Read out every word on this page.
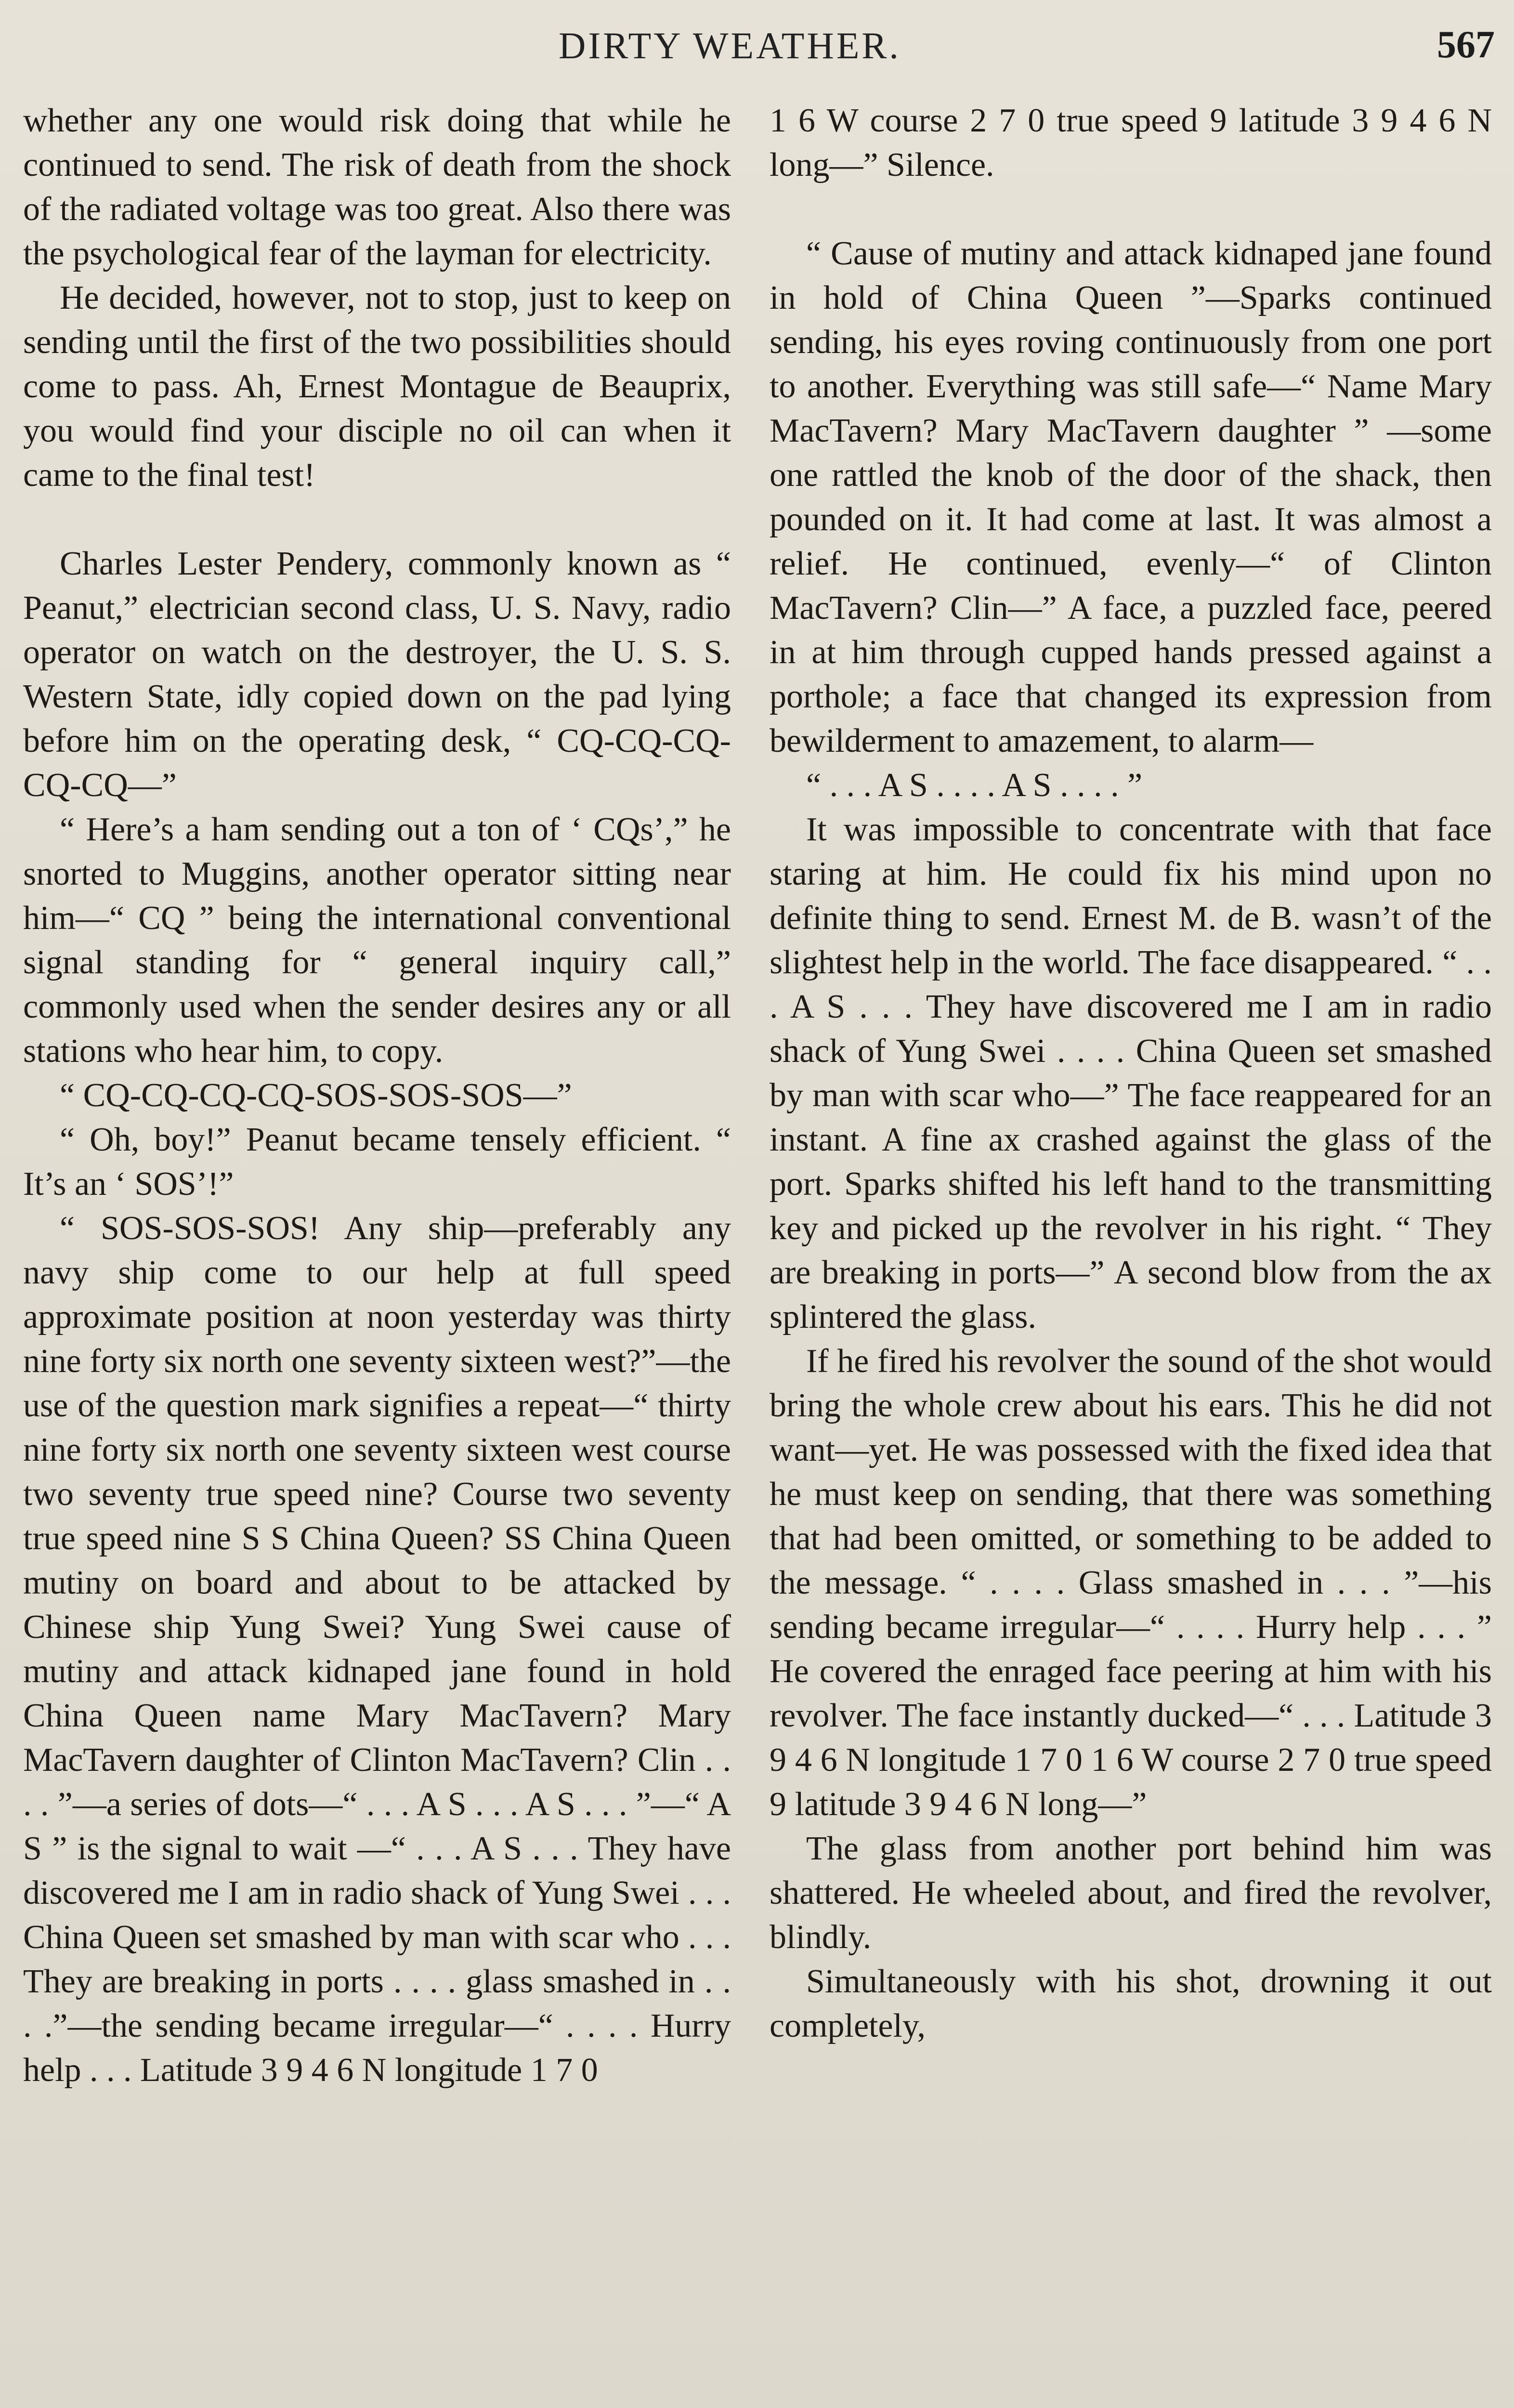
DIRTY WEATHER.	567

whether any one would risk doing that while he continued to send. The risk of death from the shock of the radiated voltage was too great. Also there was the psychological fear of the layman for electricity.

He decided, however, not to stop, just to keep on sending until the first of the two possibilities should come to pass. Ah, Ernest Montague de Beauprix, you would find your disciple no oil can when it came to the final test!

Charles Lester Pendery, commonly known as “ Peanut,” electrician second class, U. S. Navy, radio operator on watch on the destroyer, the U. S. S. Western State, idly copied down on the pad lying before him on the operating desk, “ CQ-CQ-CQ-CQ-CQ—”

“ Here’s a ham sending out a ton of ‘ CQs’,” he snorted to Muggins, another operator sitting near him—“ CQ ” being the international conventional signal standing for “ general inquiry call,” commonly used when the sender desires any or all stations who hear him, to copy.

“ CQ-CQ-CQ-CQ-SOS-SOS-SOS—”

“ Oh, boy!” Peanut became tensely efficient. “ It’s an ‘ SOS’!”

“ SOS-SOS-SOS! Any ship—preferably any navy ship come to our help at full speed approximate position at noon yesterday was thirty nine forty six north one seventy sixteen west?”—the use of the question mark signifies a repeat—“ thirty nine forty six north one seventy sixteen west course two seventy true speed nine? Course two seventy true speed nine S S China Queen? SS China Queen mutiny on board and about to be attacked by Chinese ship Yung Swei? Yung Swei cause of mutiny and attack kidnaped jane found in hold China Queen name Mary MacTavern? Mary MacTavern daughter of Clinton MacTavern? Clin . . . . ”—a series of dots—“ . . . A S . . . A S . . . ”—“ A S ” is the signal to wait —“ . . . A S . . . They have discovered me I am in radio shack of Yung Swei . . . China Queen set smashed by man with scar who . . . They are breaking in ports . . . . glass smashed in . . . .”—the sending became irregular—“ . . . . Hurry help . . . Latitude 3 9 4 6 N longitude 1 7 0

1 6 W course 2 7 0 true speed 9 latitude 3 9 4 6 N long—” Silence.

“ Cause of mutiny and attack kidnaped jane found in hold of China Queen ”—Sparks continued sending, his eyes roving continuously from one port to another. Everything was still safe—“ Name Mary MacTavern? Mary MacTavern daughter ” —some one rattled the knob of the door of the shack, then pounded on it. It had come at last. It was almost a relief. He continued, evenly—“ of Clinton MacTavern? Clin—” A face, a puzzled face, peered in at him through cupped hands pressed against a porthole; a face that changed its expression from bewilderment to amazement, to alarm—

“ . . . A S . . . . A S . . . . ”

It was impossible to concentrate with that face staring at him. He could fix his mind upon no definite thing to send. Ernest M. de B. wasn’t of the slightest help in the world. The face disappeared. “ . . . A S . . . They have discovered me I am in radio shack of Yung Swei . . . . China Queen set smashed by man with scar who—” The face reappeared for an instant. A fine ax crashed against the glass of the port. Sparks shifted his left hand to the transmitting key and picked up the revolver in his right. “ They are breaking in ports—” A second blow from the ax splintered the glass.

If he fired his revolver the sound of the shot would bring the whole crew about his ears. This he did not want—yet. He was possessed with the fixed idea that he must keep on sending, that there was something that had been omitted, or something to be added to the message. “ . . . . Glass smashed in . . . ”—his sending became irregular—“ . . . . Hurry help . . . ” He covered the enraged face peering at him with his revolver. The face instantly ducked—“ . . . Latitude 3 9 4 6 N longitude 1 7 0 1 6 W course 2 7 0 true speed 9 latitude 3 9 4 6 N long—”

The glass from another port behind him was shattered. He wheeled about, and fired the revolver, blindly.

Simultaneously with his shot, drowning it out completely,
